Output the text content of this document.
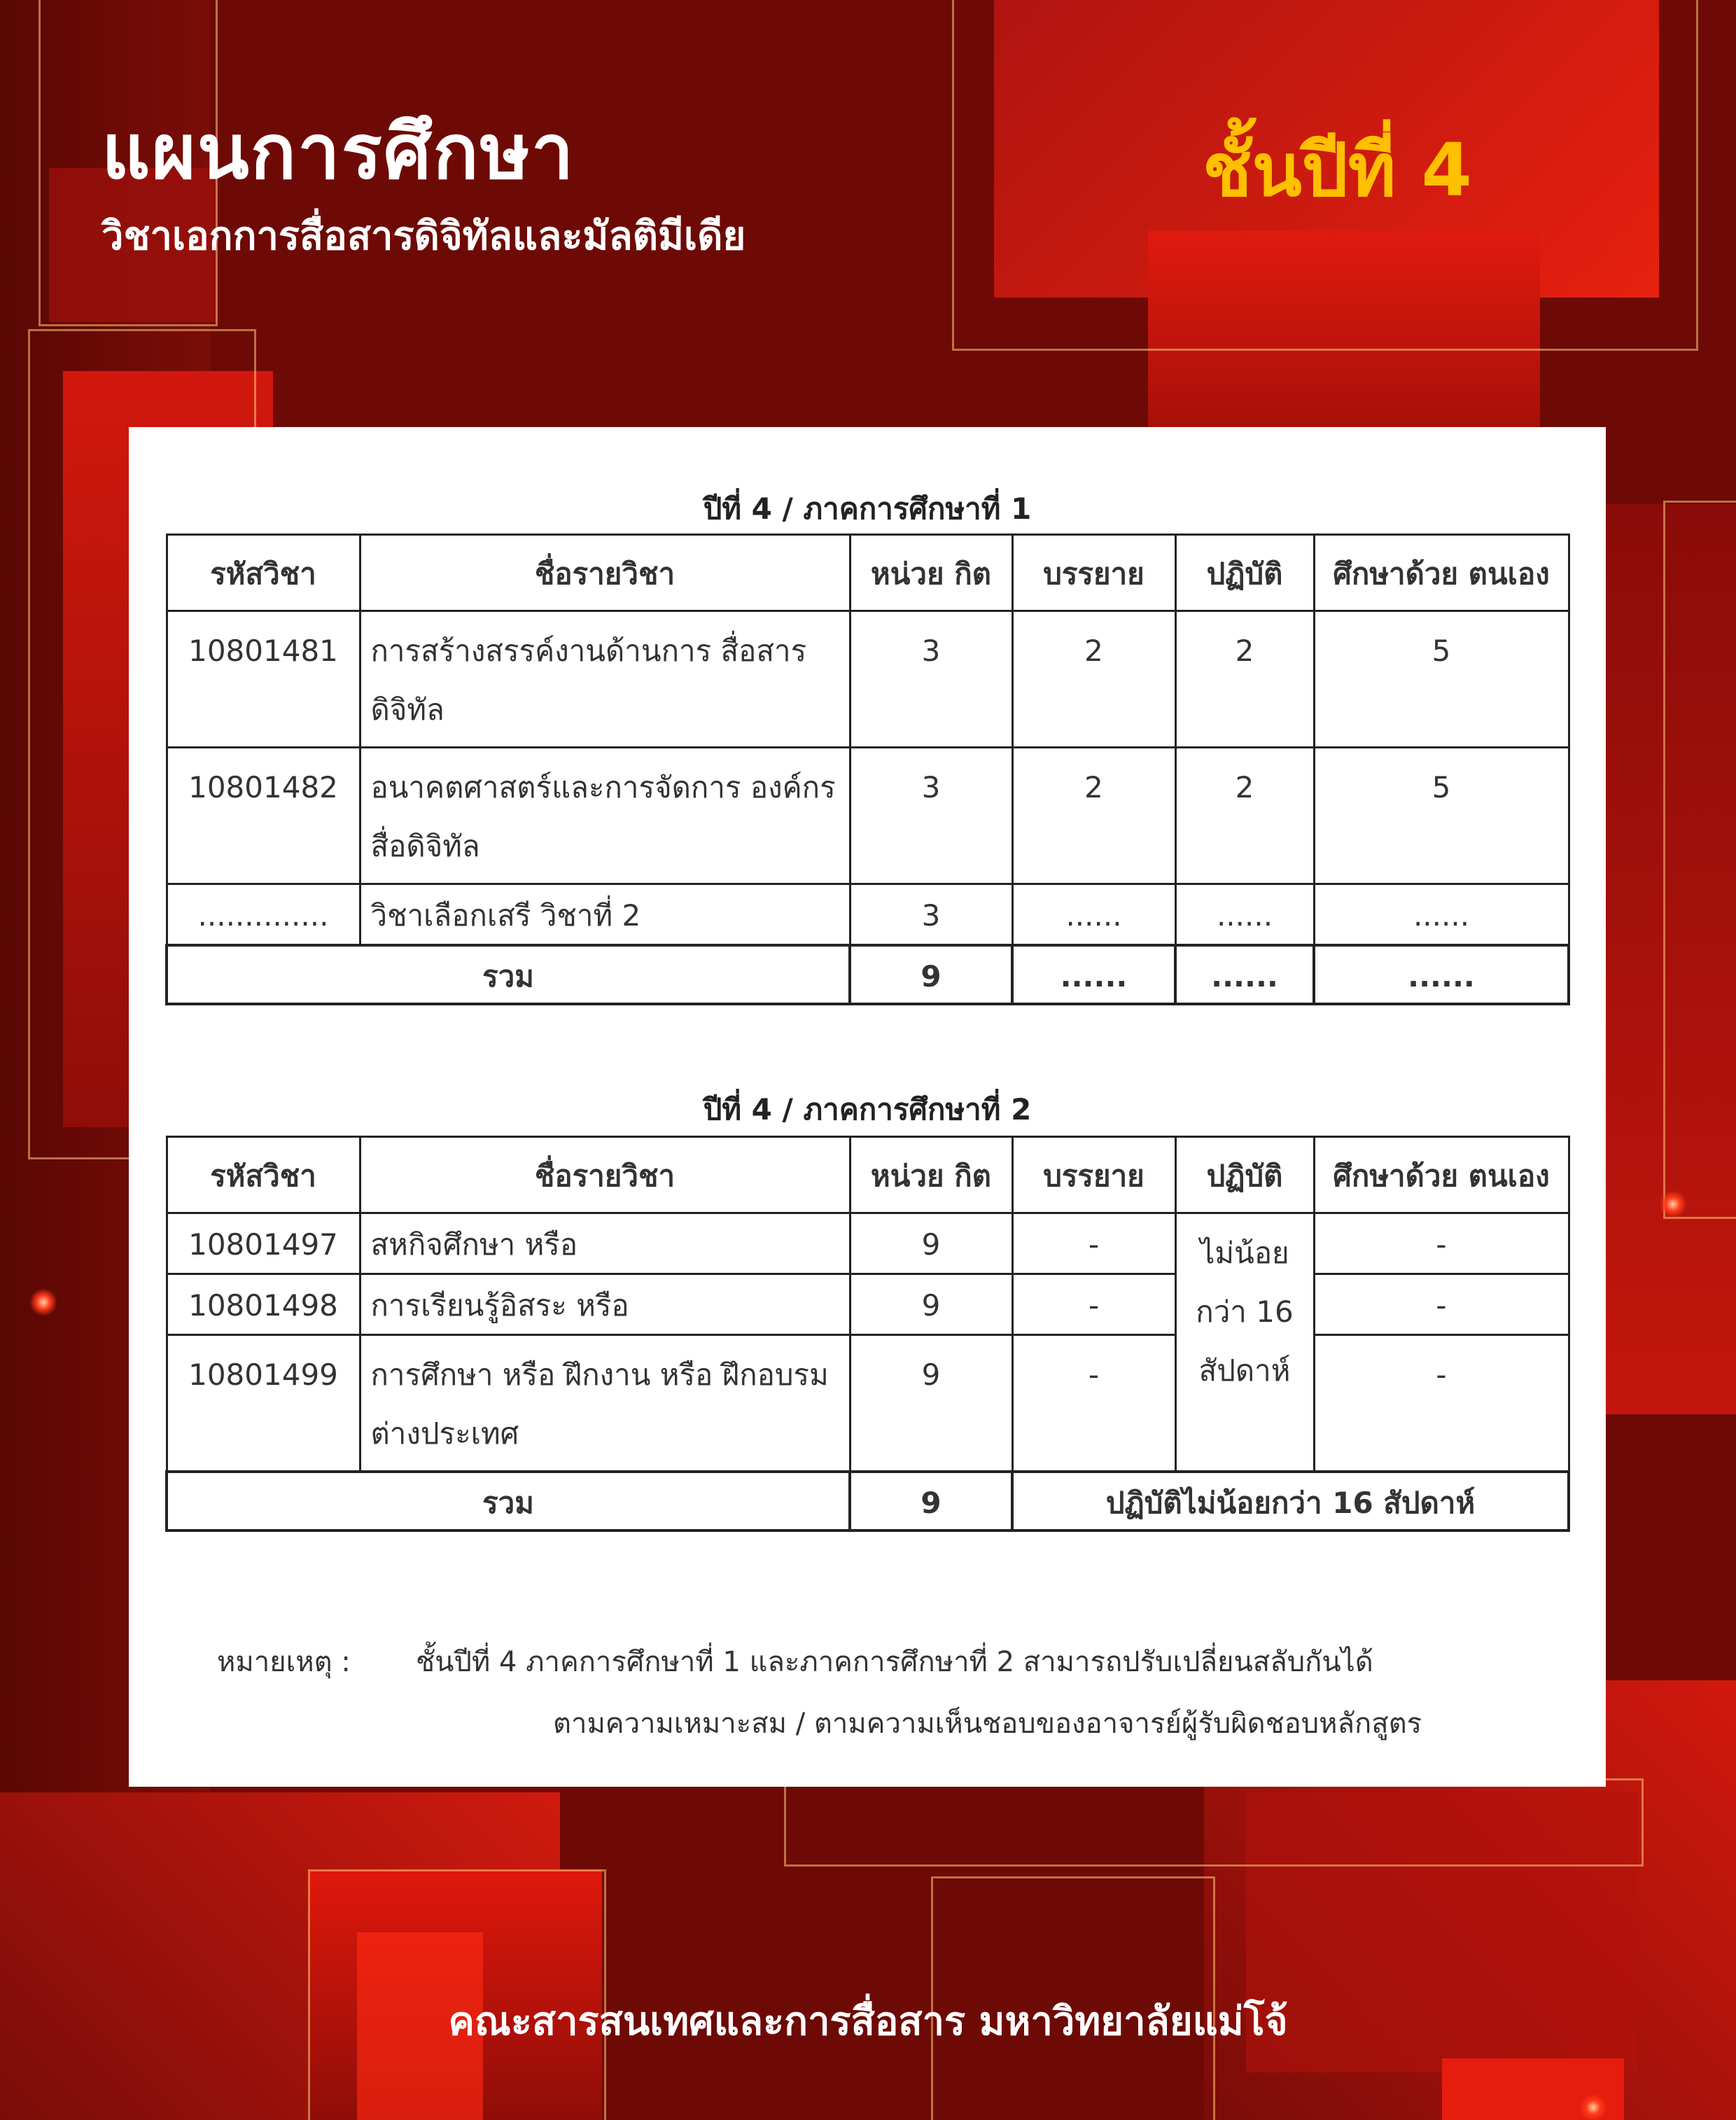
แผนการศึกษา
วิชาเอกการสื่อสารดิจิทัลและมัลติมีเดีย
ชั้นปีที่ 4
ปีที่ 4 / ภาคการศึกษาที่ 1
รหัสวิชา	ชื่อรายวิชา	หน่วย กิต	บรรยาย	ปฏิบัติ	ศึกษาด้วย ตนเอง
10801481	การสร้างสรรค์งานด้านการ สื่อสารดิจิทัล	3	2	2	5
10801482	อนาคตศาสตร์และการจัดการ องค์กรสื่อดิจิทัล	3	2	2	5
..............	วิชาเลือกเสรี วิชาที่ 2	3	......	......	......
รวม		9	......	......	......
ปีที่ 4 / ภาคการศึกษาที่ 2
รหัสวิชา	ชื่อรายวิชา	หน่วย กิต	บรรยาย	ปฏิบัติ	ศึกษาด้วย ตนเอง
10801497	สหกิจศึกษา หรือ	9	-	ไม่น้อย กว่า 16 สัปดาห์	-
10801498	การเรียนรู้อิสระ หรือ	9	-		-
10801499	การศึกษา หรือ ฝึกงาน หรือ ฝึกอบรมต่างประเทศ	9	-		-
รวม		9	ปฏิบัติไม่น้อยกว่า 16 สัปดาห์		
หมายเหตุ : ชั้นปีที่ 4 ภาคการศึกษาที่ 1 และภาคการศึกษาที่ 2 สามารถปรับเปลี่ยนสลับกันได้
ตามความเหมาะสม / ตามความเห็นชอบของอาจารย์ผู้รับผิดชอบหลักสูตร
คณะสารสนเทศและการสื่อสาร มหาวิทยาลัยแม่โจ้
